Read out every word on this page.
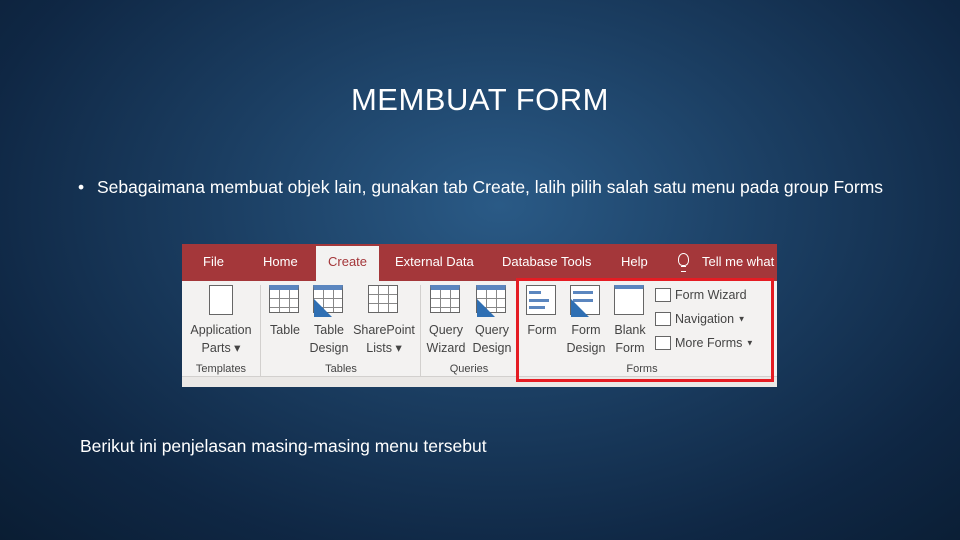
MEMBUAT FORM
• Sebagaimana membuat objek lain, gunakan tab Create, lalih pilih salah satu menu pada group Forms
File	Home	Create	External Data Database Tools Help	Tell me what
Application
Parts ▾
Templates
Table	Table
Design
SharePoint
Lists ▾
Tables
Query
Wizard
Query
Design
Queries
Form	Form
Design
Blank
Form
Form Wizard
Navigation ▼
More Forms ▼
Forms
Berikut ini penjelasan masing-masing menu tersebut
